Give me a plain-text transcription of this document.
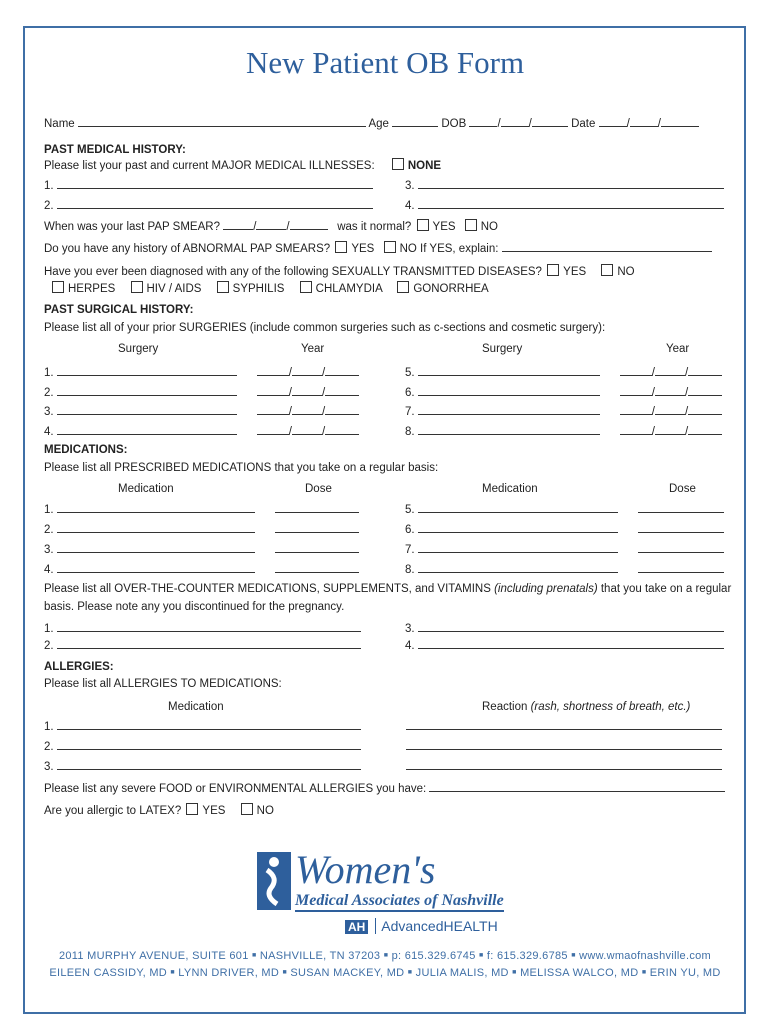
New Patient OB Form
Name	Age	DOB	/ /	Date	/ /
PAST MEDICAL HISTORY:
Please list your past and current MAJOR MEDICAL ILLNESSES:	NONE
1.	3.
2.	4.
When was your last PAP SMEAR?	/	/	was it normal? YES NO
Do you have any history of ABNORMAL PAP SMEARS? YES NO If YES, explain:
Have you ever been diagnosed with any of the following SEXUALLY TRANSMITTED DISEASES? YES	NO
HERPES	HIV / AIDS	SYPHILIS	CHLAMYDIA	GONORRHEA
PAST SURGICAL HISTORY:
Please list all of your prior SURGERIES (include common surgeries such as c-sections and cosmetic surgery):
Surgery	Year	Surgery	Year
1.	/	/	5.	/	/
2.	/	/	6.	/	/
3.	/	/	7.	/	/
4.	/	/	8.	/	/
MEDICATIONS:
Please list all PRESCRIBED MEDICATIONS that you take on a regular basis:
Medication	Dose	Medication	Dose
1.	5.
2.	6.
3.	7.
4.	8.
Please list all OVER-THE-COUNTER MEDICATIONS, SUPPLEMENTS, and VITAMINS (including prenatals) that you take on a regular
basis. Please note any you discontinued for the pregnancy.
1.	3.
2.	4.
ALLERGIES:
Please list all ALLERGIES TO MEDICATIONS:
Medication	Reaction (rash, shortness of breath, etc.)
1.
2.
3.
Please list any severe FOOD or ENVIRONMENTAL ALLERGIES you have:
Are you allergic to LATEX? YES	NO
Women's
Medical Associates of Nashville
AH AdvancedHEALTH
2011 MURPHY AVENUE, SUITE 601 ■ NASHVILLE, TN 37203 ■ p: 615.329.6745 ■ f: 615.329.6785 ■ www.wmaofnashville.com
EILEEN CASSIDY, MD ■ LYNN DRIVER, MD ■ SUSAN MACKEY, MD ■ JULIA MALIS, MD ■ MELISSA WALCO, MD ■ ERIN YU, MD
